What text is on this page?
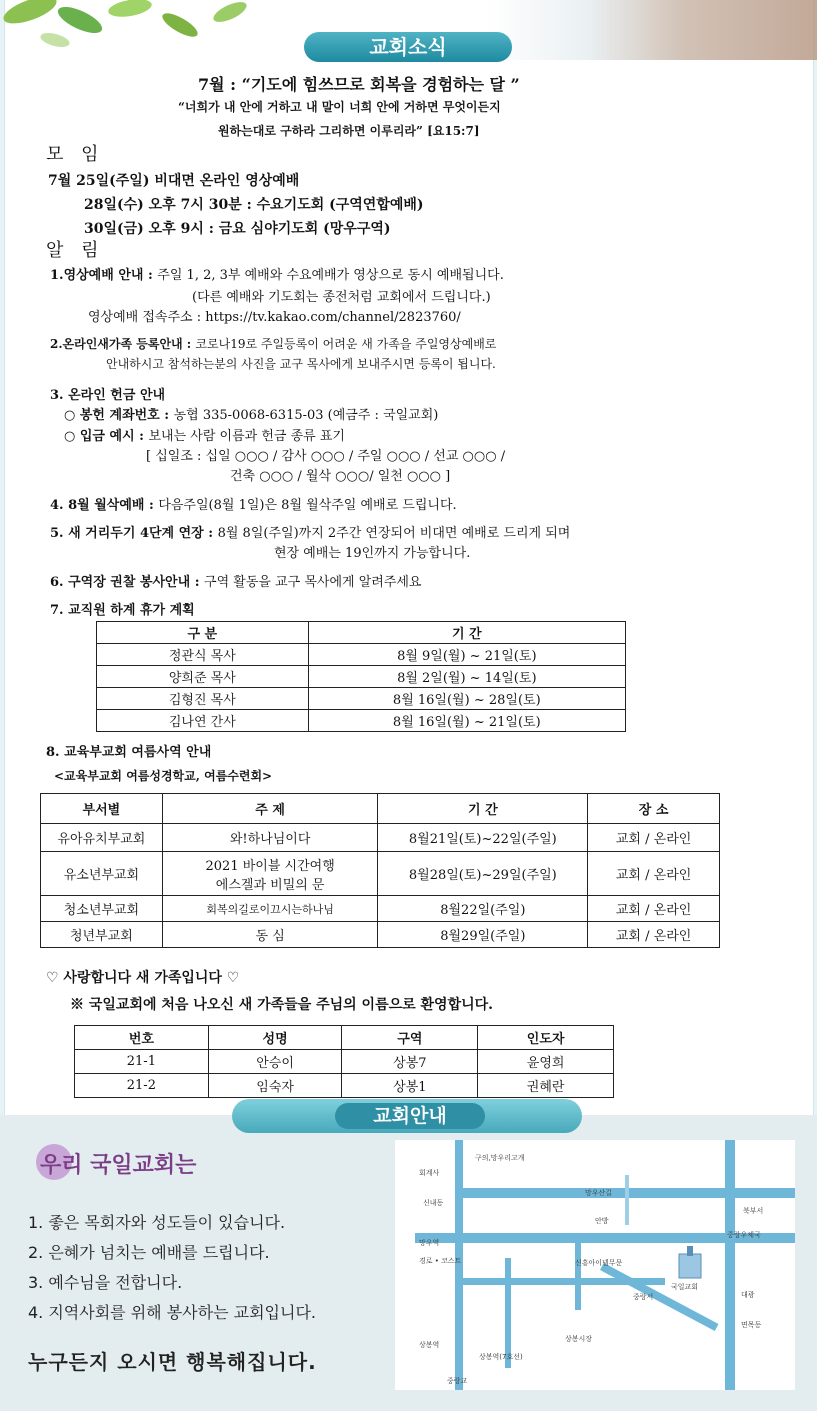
교회소식
7월 : “기도에 힘쓰므로 회복을 경험하는 달 ”
“너희가 내 안에 거하고 내 말이 너희 안에 거하면 무엇이든지
원하는대로 구하라 그리하면 이루리라” [요15:7]
모 임
7월 25일(주일) 비대면 온라인 영상예배
28일(수) 오후 7시 30분 : 수요기도회 (구역연합예배)
30일(금) 오후 9시 : 금요 심야기도회 (망우구역)
알 림
1.영상예배 안내 : 주일 1, 2, 3부 예배와 수요예배가 영상으로 동시 예배됩니다.
(다른 예배와 기도회는 종전처럼 교회에서 드립니다.)
영상예배 접속주소 : https://tv.kakao.com/channel/2823760/
2.온라인새가족 등록안내 : 코로나19로 주일등록이 어려운 새 가족을 주일영상예배로
안내하시고 참석하는분의 사진을 교구 목사에게 보내주시면 등록이 됩니다.
3. 온라인 헌금 안내
○ 봉헌 계좌번호 : 농협 335-0068-6315-03 (예금주 : 국일교회)
○ 입금 예시 : 보내는 사람 이름과 헌금 종류 표기
[ 십일조 : 십일 ○○○ / 감사 ○○○ / 주일 ○○○ / 선교 ○○○ /
건축 ○○○ / 월삭 ○○○/ 일천 ○○○ ]
4. 8월 월삭예배 : 다음주일(8월 1일)은 8월 월삭주일 예배로 드립니다.
5. 새 거리두기 4단계 연장 : 8월 8일(주일)까지 2주간 연장되어 비대면 예배로 드리게 되며
현장 예배는 19인까지 가능합니다.
6. 구역장 권찰 봉사안내 : 구역 활동을 교구 목사에게 알려주세요
7. 교직원 하계 휴가 계획
구 분	기 간
정관식 목사	8월 9일(월) ~ 21일(토)
양희준 목사	8월 2일(월) ~ 14일(토)
김형진 목사	8월 16일(월) ~ 28일(토)
김나연 간사	8월 16일(월) ~ 21일(토)
8. 교육부교회 여름사역 안내
<교육부교회 여름성경학교, 여름수련회>
부서별	주 제	기 간	장 소
유아유치부교회	와!하나님이다	8월21일(토)~22일(주일)	교회 / 온라인
유소년부교회	2021 바이블 시간여행
에스겔과 비밀의 문	8월28일(토)~29일(주일)	교회 / 온라인
청소년부교회	회복의길로이끄시는하나님	8월22일(주일)	교회 / 온라인
청년부교회	동 심	8월29일(주일)	교회 / 온라인
♡ 사랑합니다 새 가족입니다 ♡
※ 국일교회에 처음 나오신 새 가족들을 주님의 이름으로 환영합니다.
번호	성명	구역	인도자
21-1	안승이	상봉7	윤영희
21-2	임숙자	상봉1	권혜란
교회안내
우리 국일교회는
1. 좋은 목회자와 성도들이 있습니다.
2. 은혜가 넘치는 예배를 드립니다.
3. 예수님을 전합니다.
4. 지역사회를 위해 봉사하는 교회입니다.
누구든지 오시면 행복해집니다.
구의,망우리고개
망우산길
북부서
신내동
안방
중랑우체국
망우역
경로 • 코스트	신흥아이넬무문
중랑서
국일교회
상봉시장
상봉역
상봉역(7호선)
중랑교
대광
면목동
회계사
